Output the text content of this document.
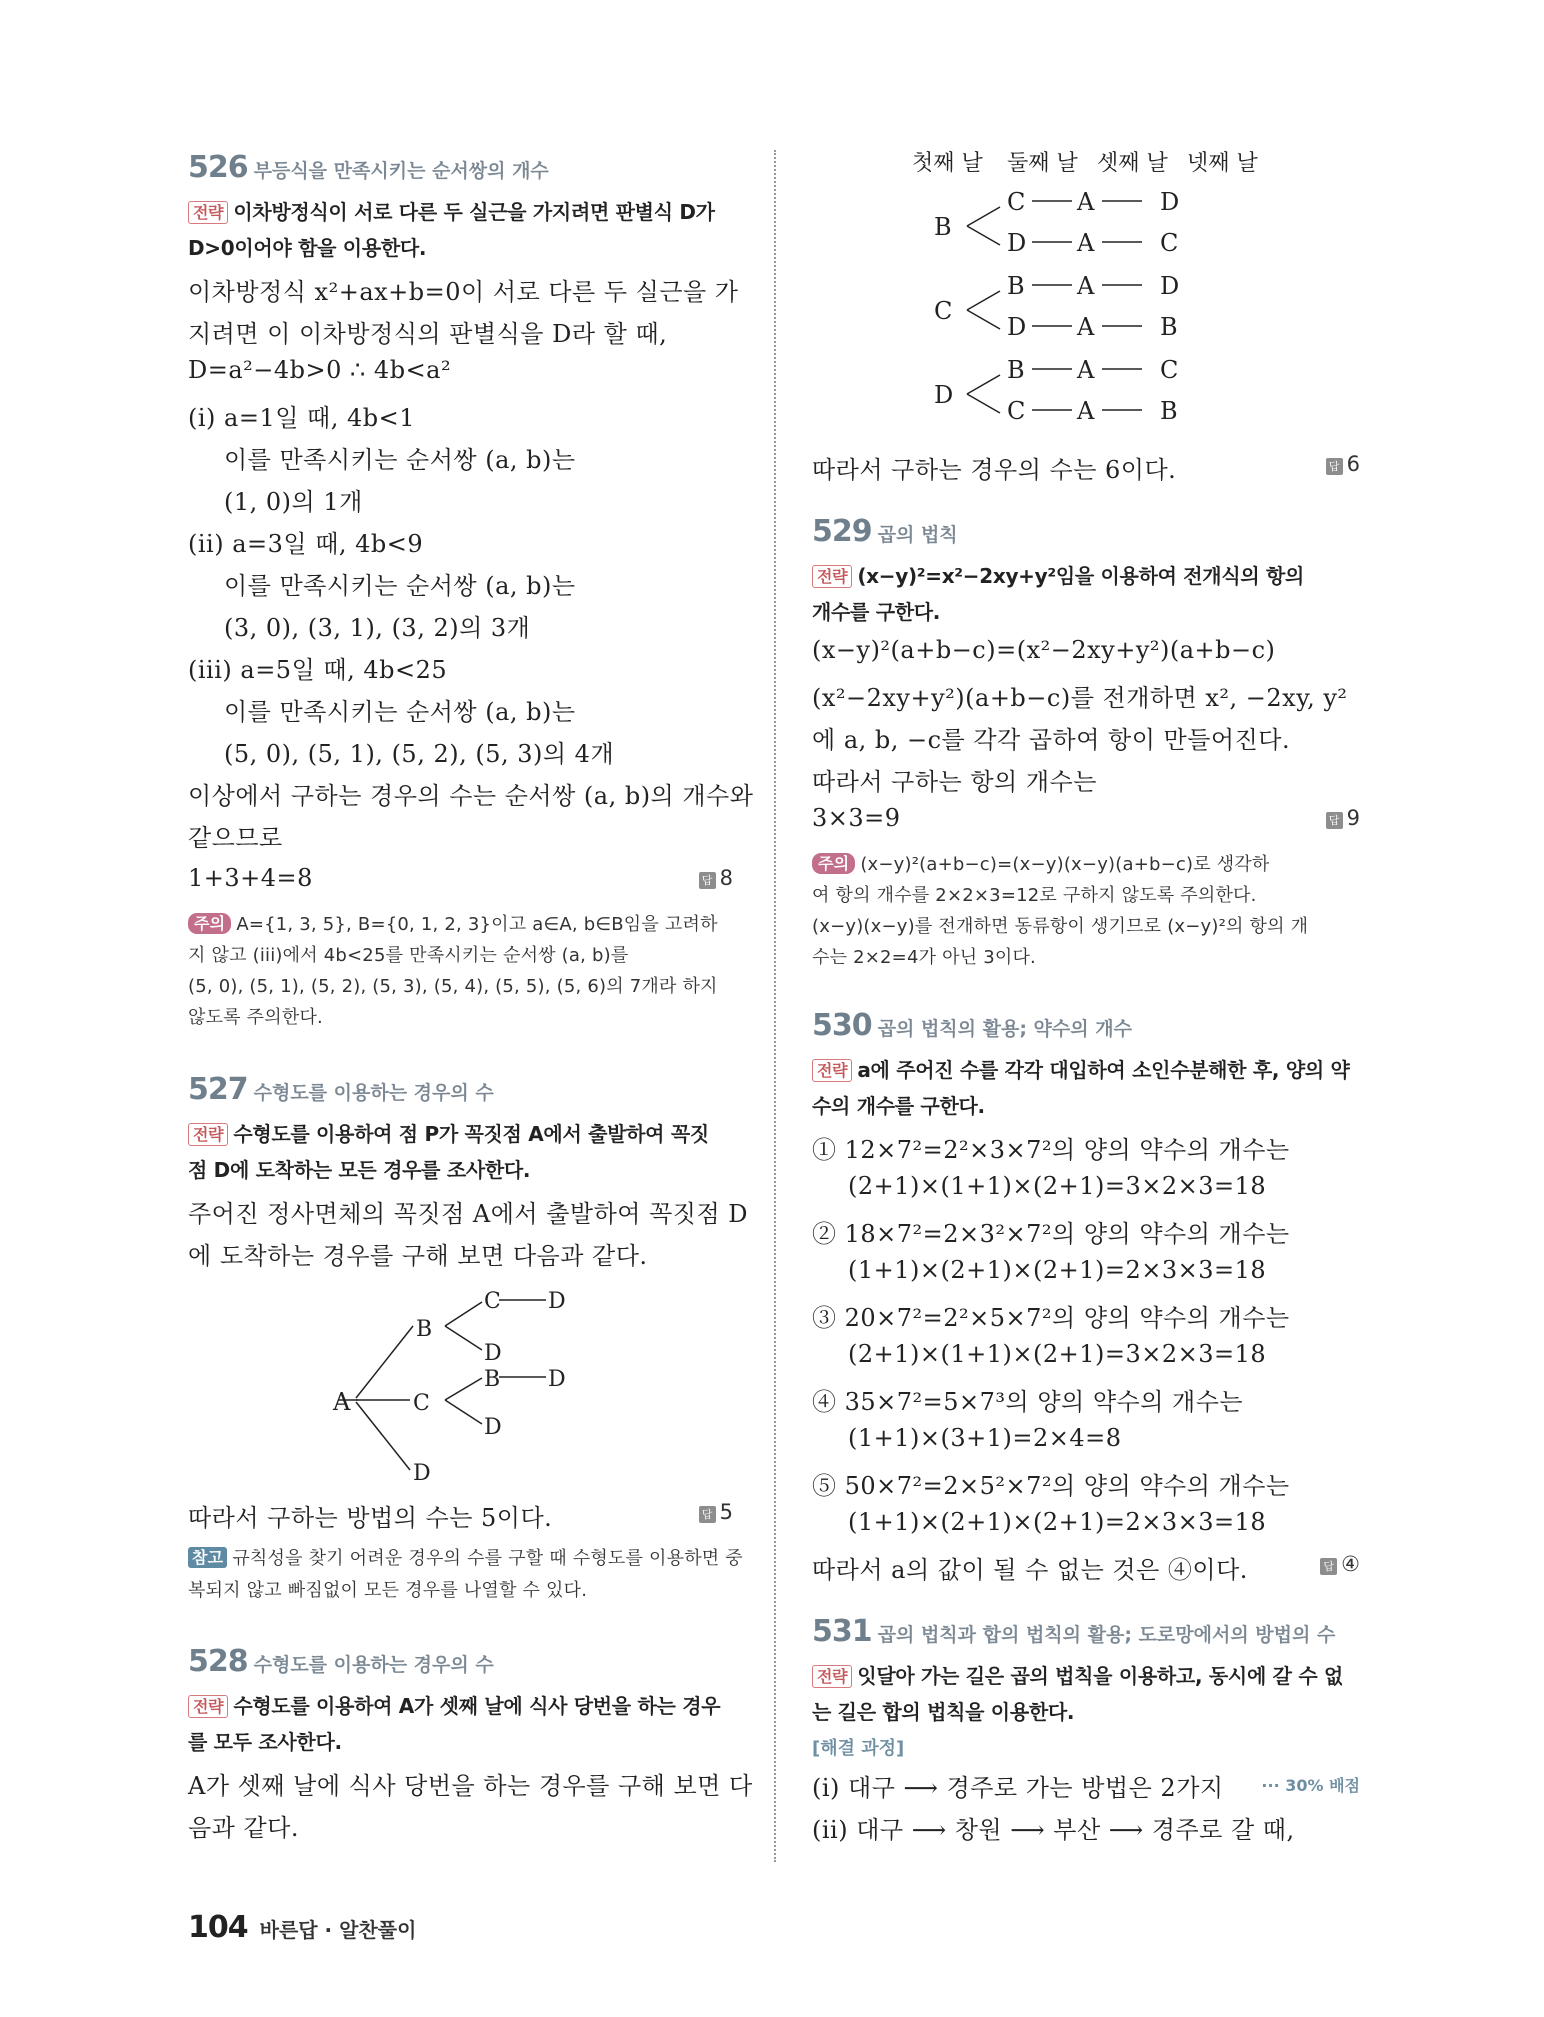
526 부등식을 만족시키는 순서쌍의 개수
전략 이차방정식이 서로 다른 두 실근을 가지려면 판별식 D가
D>0이어야 함을 이용한다.
이차방정식 x²+ax+b=0이 서로 다른 두 실근을 가
지려면 이 이차방정식의 판별식을 D라 할 때,
D=a²−4b>0 ∴ 4b<a²
(i) a=1일 때, 4b<1
이를 만족시키는 순서쌍 (a, b)는
(1, 0)의 1개
(ii) a=3일 때, 4b<9
이를 만족시키는 순서쌍 (a, b)는
(3, 0), (3, 1), (3, 2)의 3개
(iii) a=5일 때, 4b<25
이를 만족시키는 순서쌍 (a, b)는
(5, 0), (5, 1), (5, 2), (5, 3)의 4개
이상에서 구하는 경우의 수는 순서쌍 (a, b)의 개수와
같으므로
1+3+4=8	답 8
주의 A={1, 3, 5}, B={0, 1, 2, 3}이고 a∈A, b∈B임을 고려하
지 않고 (iii)에서 4b<25를 만족시키는 순서쌍 (a, b)를
(5, 0), (5, 1), (5, 2), (5, 3), (5, 4), (5, 5), (5, 6)의 7개라 하지
않도록 주의한다.
527 수형도를 이용하는 경우의 수
전략 수형도를 이용하여 점 P가 꼭짓점 A에서 출발하여 꼭짓
점 D에 도착하는 모든 경우를 조사한다.
주어진 정사면체의 꼭짓점 A에서 출발하여 꼭짓점 D
에 도착하는 경우를 구해 보면 다음과 같다.
A
B
C
D
C D
D
B D
D
따라서 구하는 방법의 수는 5이다.	답 5
참고 규칙성을 찾기 어려운 경우의 수를 구할 때 수형도를 이용하면 중
복되지 않고 빠짐없이 모든 경우를 나열할 수 있다.
528 수형도를 이용하는 경우의 수
전략 수형도를 이용하여 A가 셋째 날에 식사 당번을 하는 경우
를 모두 조사한다.
A가 셋째 날에 식사 당번을 하는 경우를 구해 보면 다
음과 같다.
첫째 날 둘째 날 셋째 날 넷째 날
B
C A	D
D A	C
C
B A	D
D A	B
D
B A	C
C A	B
따라서 구하는 경우의 수는 6이다.	답 6
529 곱의 법칙
전략 (x−y)²=x²−2xy+y²임을 이용하여 전개식의 항의
개수를 구한다.
(x−y)²(a+b−c)=(x²−2xy+y²)(a+b−c)
(x²−2xy+y²)(a+b−c)를 전개하면 x², −2xy, y²
에 a, b, −c를 각각 곱하여 항이 만들어진다.
따라서 구하는 항의 개수는
3×3=9	답 9
주의 (x−y)²(a+b−c)=(x−y)(x−y)(a+b−c)로 생각하
여 항의 개수를 2×2×3=12로 구하지 않도록 주의한다.
(x−y)(x−y)를 전개하면 동류항이 생기므로 (x−y)²의 항의 개
수는 2×2=4가 아닌 3이다.
530 곱의 법칙의 활용; 약수의 개수
전략 a에 주어진 수를 각각 대입하여 소인수분해한 후, 양의 약
수의 개수를 구한다.
① 12×7²=2²×3×7²의 양의 약수의 개수는
(2+1)×(1+1)×(2+1)=3×2×3=18
② 18×7²=2×3²×7²의 양의 약수의 개수는
(1+1)×(2+1)×(2+1)=2×3×3=18
③ 20×7²=2²×5×7²의 양의 약수의 개수는
(2+1)×(1+1)×(2+1)=3×2×3=18
④ 35×7²=5×7³의 양의 약수의 개수는
(1+1)×(3+1)=2×4=8
⑤ 50×7²=2×5²×7²의 양의 약수의 개수는
(1+1)×(2+1)×(2+1)=2×3×3=18
따라서 a의 값이 될 수 없는 것은 ④이다.	답 ④
531 곱의 법칙과 합의 법칙의 활용; 도로망에서의 방법의 수
전략 잇달아 가는 길은 곱의 법칙을 이용하고, 동시에 갈 수 없
는 길은 합의 법칙을 이용한다.
[해결 과정]
(i) 대구 ⟶ 경주로 가는 방법은 2가지 ··· 30% 배점
(ii) 대구 ⟶ 창원 ⟶ 부산 ⟶ 경주로 갈 때,
104 바른답 · 알찬풀이
